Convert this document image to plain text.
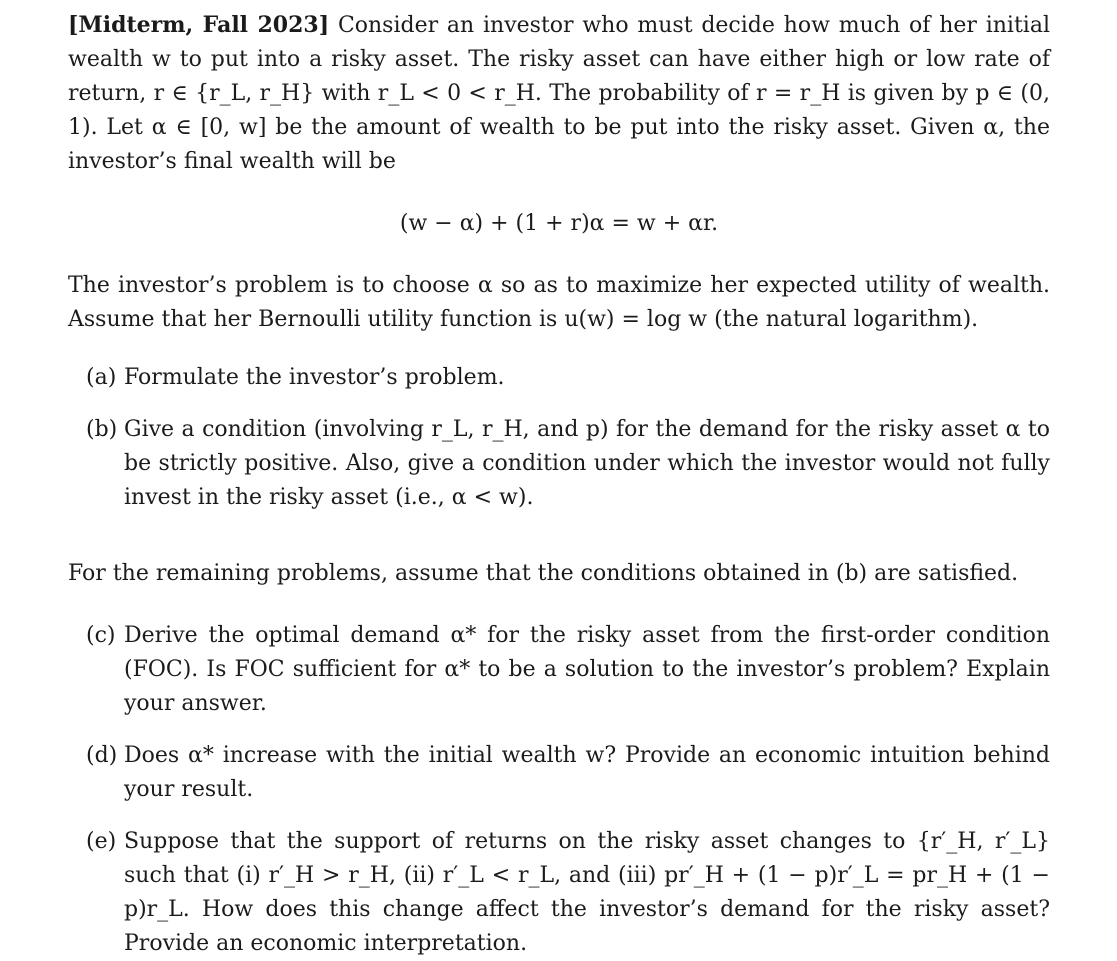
[Midterm, Fall 2023] Consider an investor who must decide how much of her initial wealth w to put into a risky asset. The risky asset can have either high or low rate of return, r ∈ {r_L, r_H} with r_L < 0 < r_H. The probability of r = r_H is given by p ∈ (0, 1). Let α ∈ [0, w] be the amount of wealth to be put into the risky asset. Given α, the investor’s final wealth will be

(w − α) + (1 + r)α = w + αr.

The investor’s problem is to choose α so as to maximize her expected utility of wealth. Assume that her Bernoulli utility function is u(w) = log w (the natural logarithm).

(a) Formulate the investor’s problem.
(b) Give a condition (involving r_L, r_H, and p) for the demand for the risky asset α to be strictly positive. Also, give a condition under which the investor would not fully invest in the risky asset (i.e., α < w).

For the remaining problems, assume that the conditions obtained in (b) are satisfied.

(c) Derive the optimal demand α* for the risky asset from the first-order condition (FOC). Is FOC sufficient for α* to be a solution to the investor’s problem? Explain your answer.
(d) Does α* increase with the initial wealth w? Provide an economic intuition behind your result.
(e) Suppose that the support of returns on the risky asset changes to {r′_H, r′_L} such that (i) r′_H > r_H, (ii) r′_L < r_L, and (iii) pr′_H + (1 − p)r′_L = pr_H + (1 − p)r_L. How does this change affect the investor’s demand for the risky asset? Provide an economic interpretation.
